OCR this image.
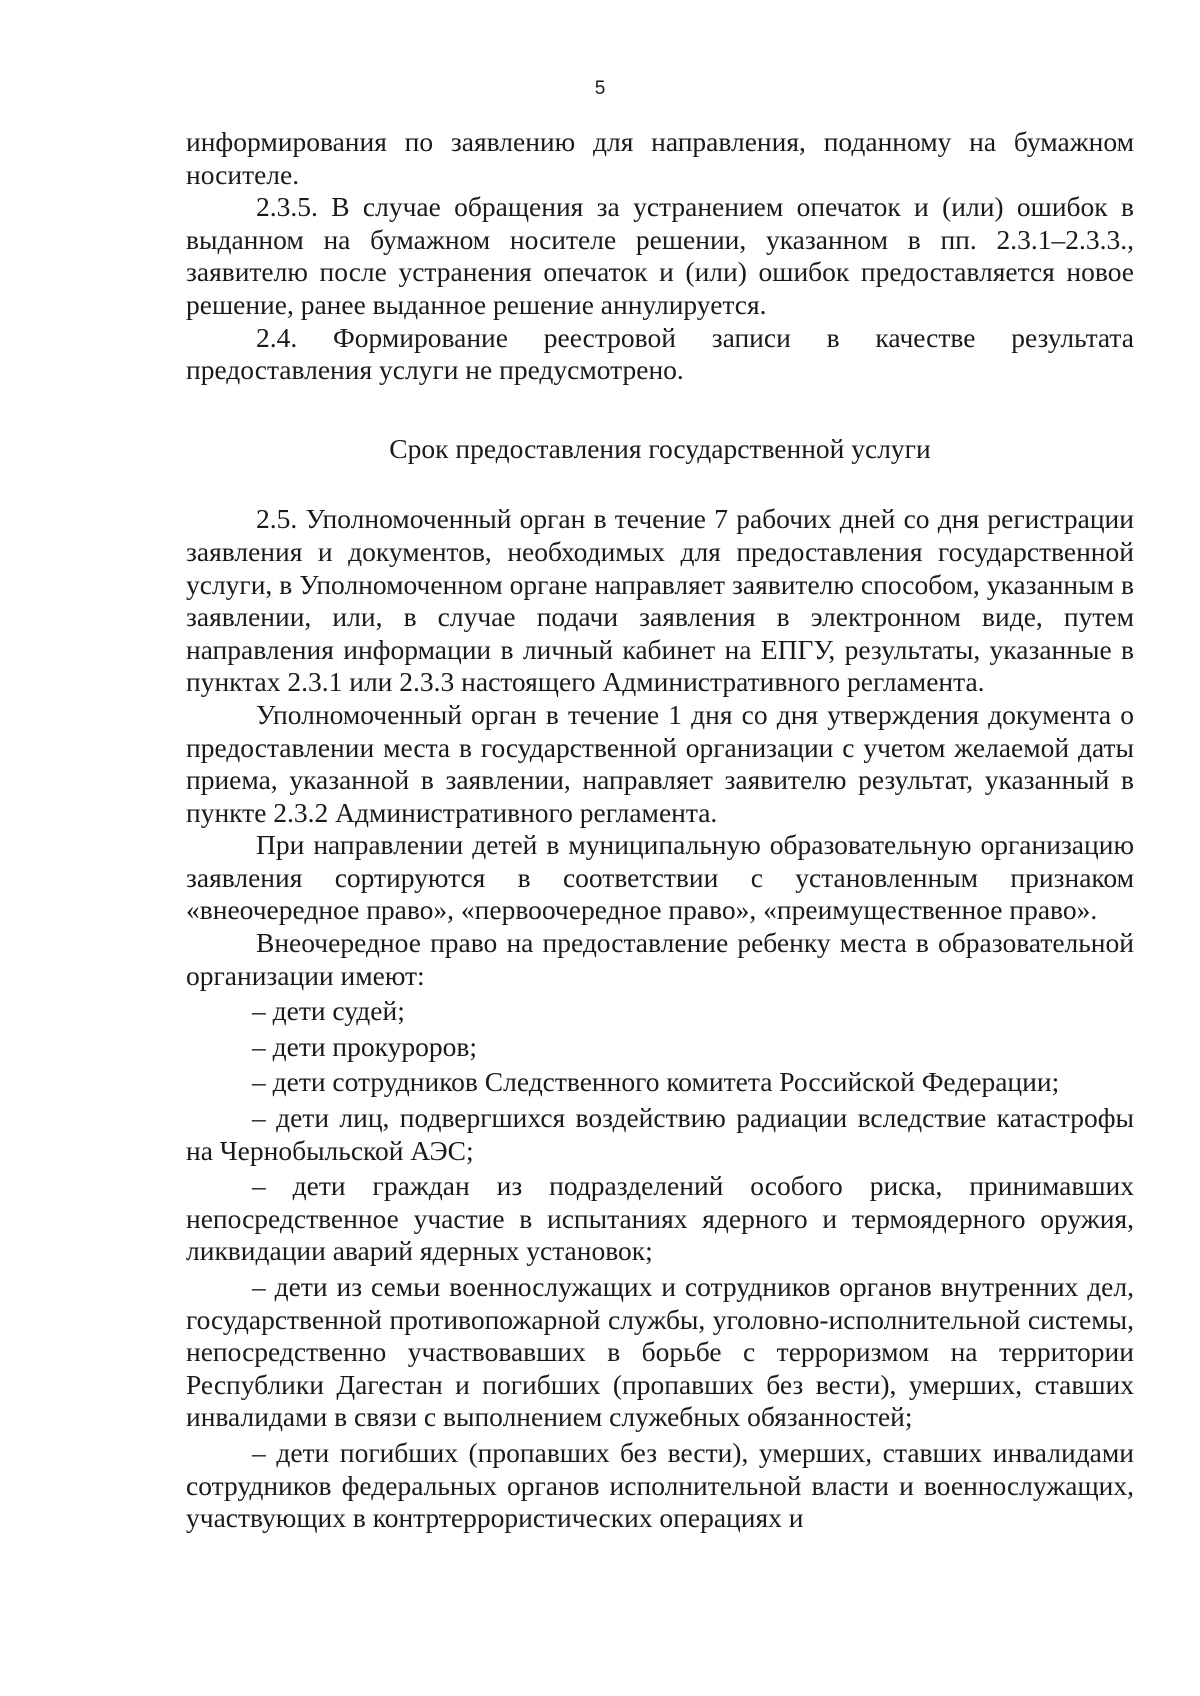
5

информирования по заявлению для направления, поданному на бумажном носителе.

2.3.5. В случае обращения за устранением опечаток и (или) ошибок в выданном на бумажном носителе решении, указанном в пп. 2.3.1–2.3.3., заявителю после устранения опечаток и (или) ошибок предоставляется новое решение, ранее выданное решение аннулируется.

2.4. Формирование реестровой записи в качестве результата предоставления услуги не предусмотрено.

Срок предоставления государственной услуги

2.5. Уполномоченный орган в течение 7 рабочих дней со дня регистрации заявления и документов, необходимых для предоставления государственной услуги, в Уполномоченном органе направляет заявителю способом, указанным в заявлении, или, в случае подачи заявления в электронном виде, путем направления информации в личный кабинет на ЕПГУ, результаты, указанные в пунктах 2.3.1 или 2.3.3 настоящего Административного регламента.

Уполномоченный орган в течение 1 дня со дня утверждения документа о предоставлении места в государственной организации с учетом желаемой даты приема, указанной в заявлении, направляет заявителю результат, указанный в пункте 2.3.2 Административного регламента.

При направлении детей в муниципальную образовательную организацию заявления сортируются в соответствии с установленным признаком «внеочередное право», «первоочередное право», «преимущественное право».

Внеочередное право на предоставление ребенку места в образовательной организации имеют:

– дети судей;

– дети прокуроров;

– дети сотрудников Следственного комитета Российской Федерации;

– дети лиц, подвергшихся воздействию радиации вследствие катастрофы на Чернобыльской АЭС;

– дети граждан из подразделений особого риска, принимавших непосредственное участие в испытаниях ядерного и термоядерного оружия, ликвидации аварий ядерных установок;

– дети из семьи военнослужащих и сотрудников органов внутренних дел, государственной противопожарной службы, уголовно-исполнительной системы, непосредственно участвовавших в борьбе с терроризмом на территории Республики Дагестан и погибших (пропавших без вести), умерших, ставших инвалидами в связи с выполнением служебных обязанностей;

– дети погибших (пропавших без вести), умерших, ставших инвалидами сотрудников федеральных органов исполнительной власти и военнослужащих, участвующих в контртеррористических операциях и
